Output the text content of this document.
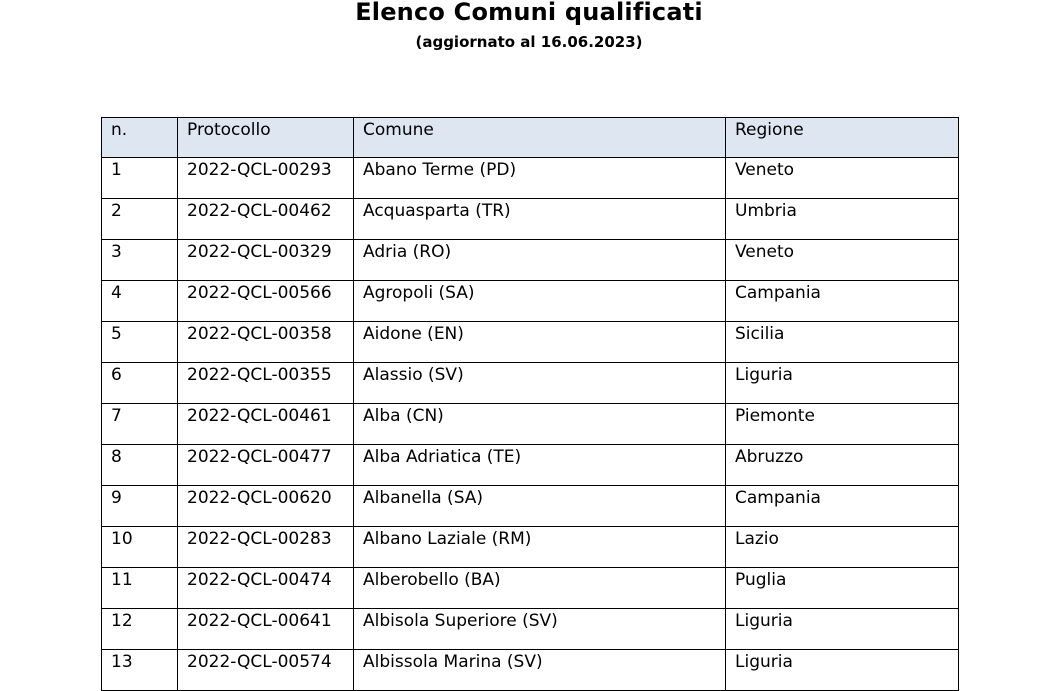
Elenco Comuni qualificati
(aggiornato al 16.06.2023)
n.	Protocollo	Comune	Regione
1	2022-QCL-00293	Abano Terme (PD)	Veneto
2	2022-QCL-00462	Acquasparta (TR)	Umbria
3	2022-QCL-00329	Adria (RO)	Veneto
4	2022-QCL-00566	Agropoli (SA)	Campania
5	2022-QCL-00358	Aidone (EN)	Sicilia
6	2022-QCL-00355	Alassio (SV)	Liguria
7	2022-QCL-00461	Alba (CN)	Piemonte
8	2022-QCL-00477	Alba Adriatica (TE)	Abruzzo
9	2022-QCL-00620	Albanella (SA)	Campania
10	2022-QCL-00283	Albano Laziale (RM)	Lazio
11	2022-QCL-00474	Alberobello (BA)	Puglia
12	2022-QCL-00641	Albisola Superiore (SV)	Liguria
13	2022-QCL-00574	Albissola Marina (SV)	Liguria
